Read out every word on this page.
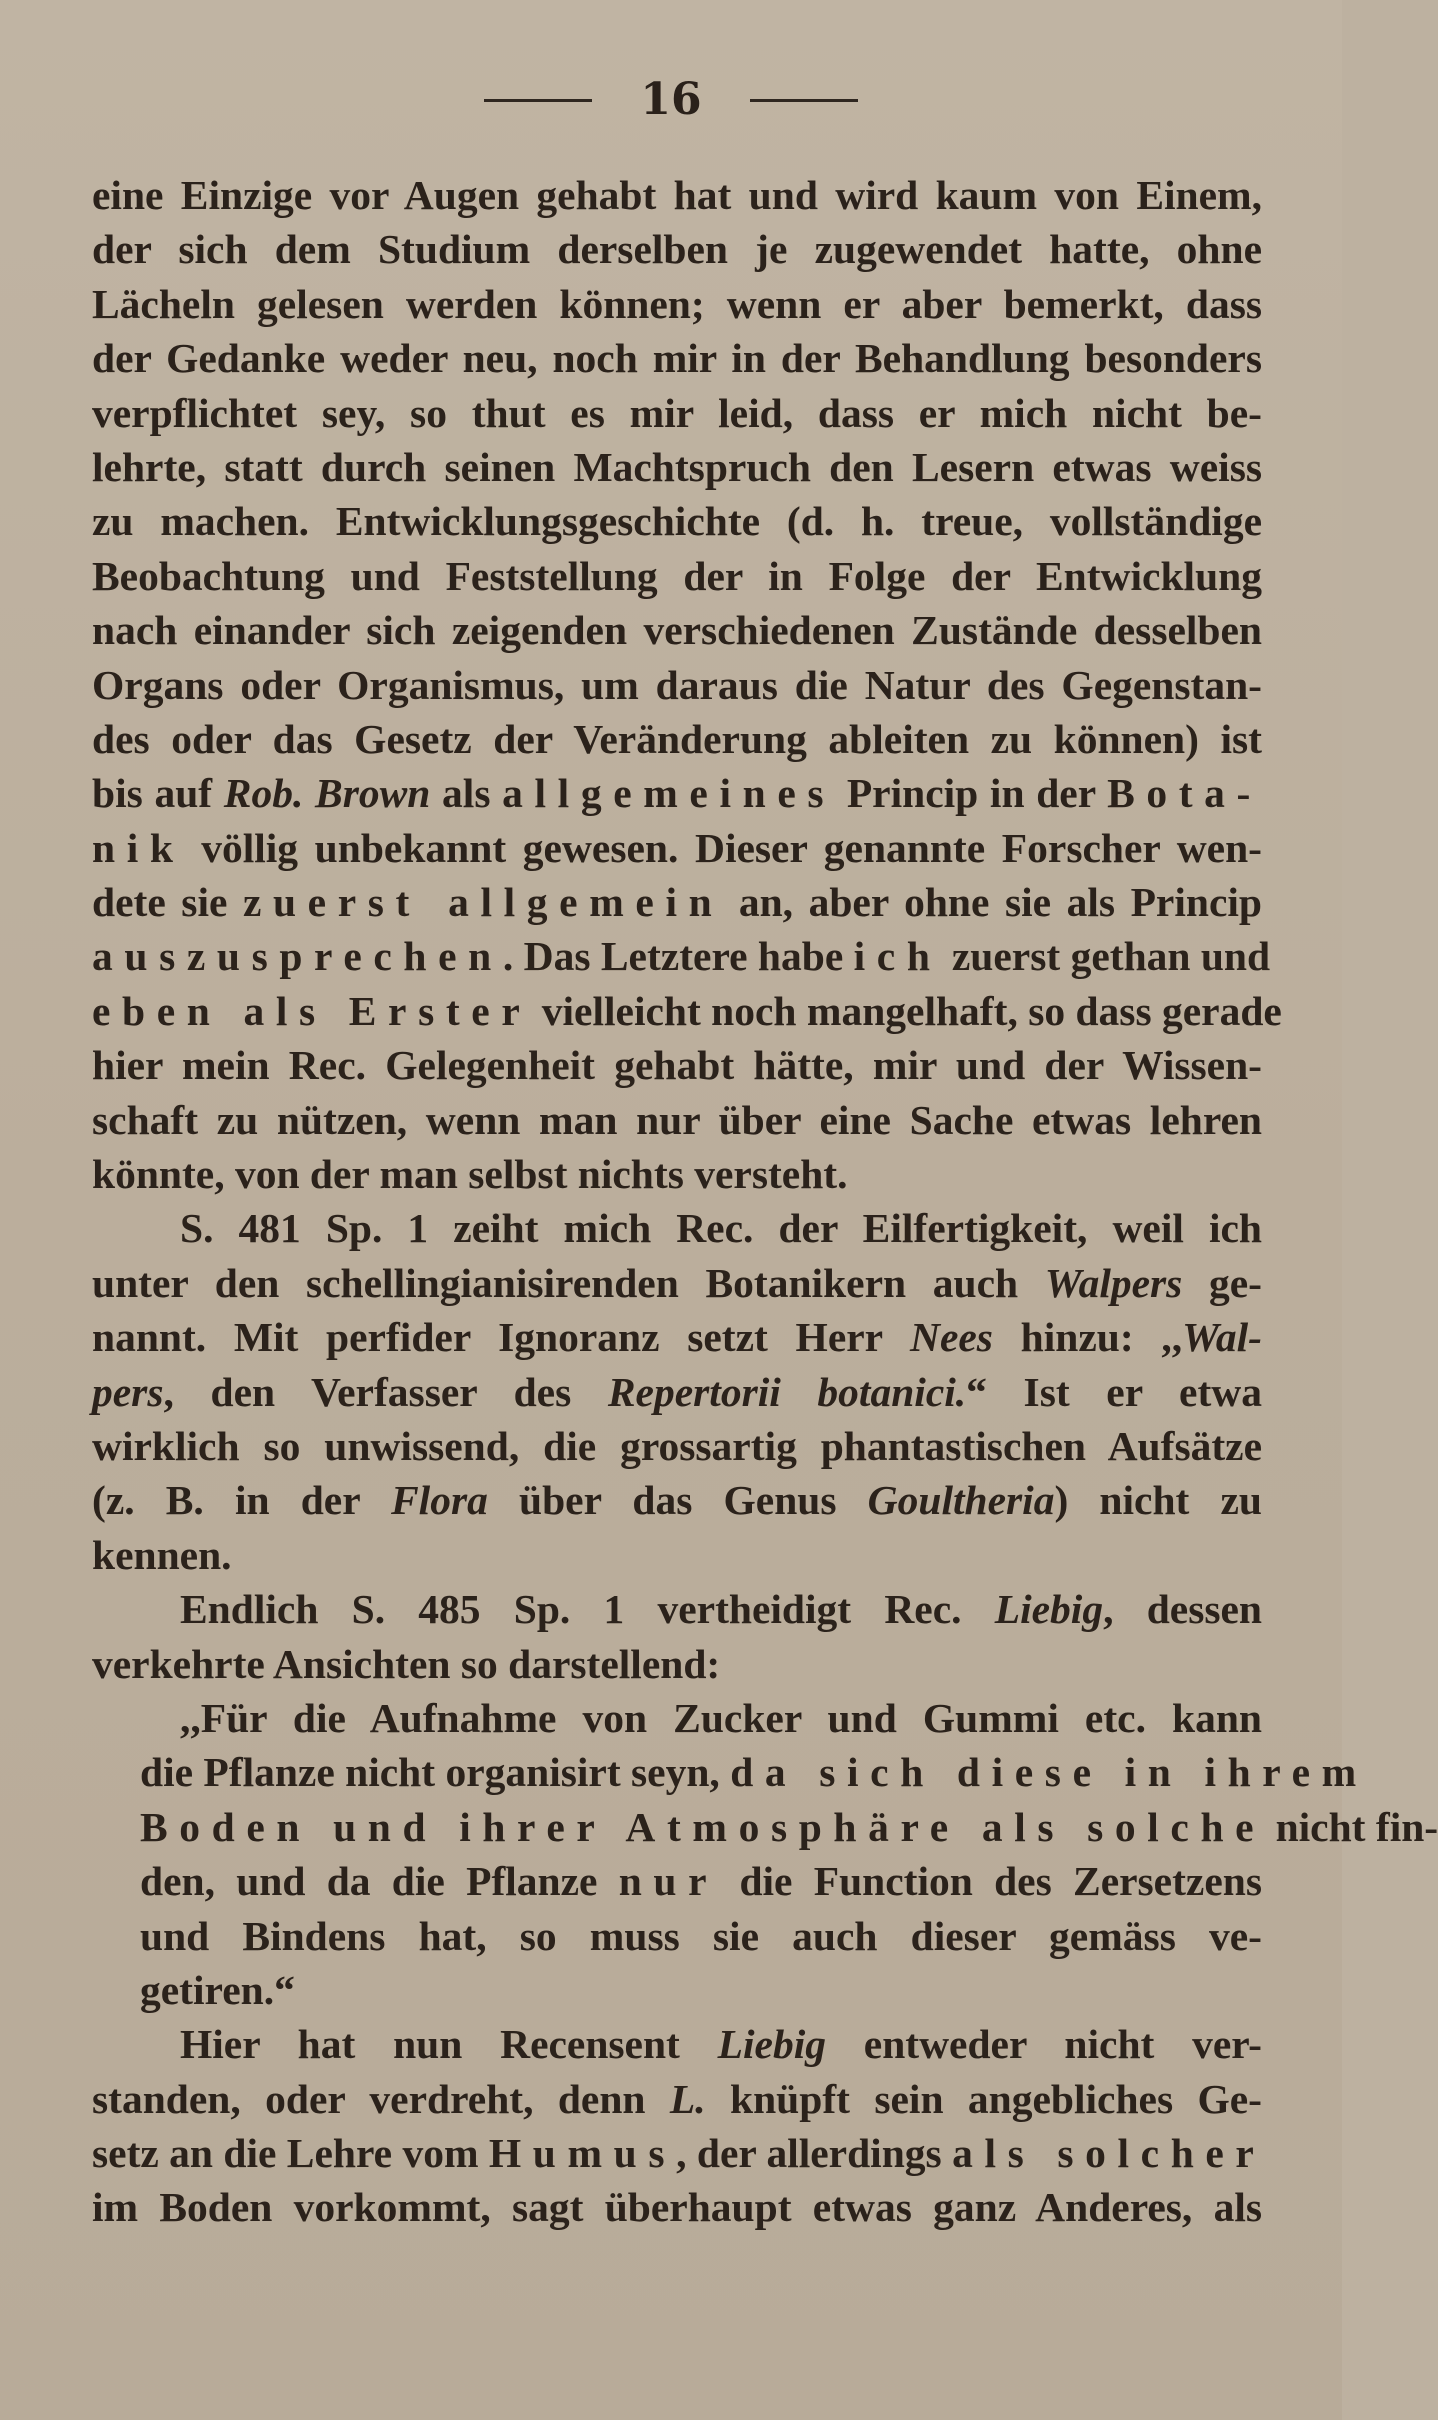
16
eine Einzige vor Augen gehabt hat und wird kaum von Einem,
der sich dem Studium derselben je zugewendet hatte, ohne
Lächeln gelesen werden können; wenn er aber bemerkt, dass
der Gedanke weder neu, noch mir in der Behandlung besonders
verpflichtet sey, so thut es mir leid, dass er mich nicht be-
lehrte, statt durch seinen Machtspruch den Lesern etwas weiss
zu machen. Entwicklungsgeschichte (d. h. treue, vollständige
Beobachtung und Feststellung der in Folge der Entwicklung
nach einander sich zeigenden verschiedenen Zustände desselben
Organs oder Organismus, um daraus die Natur des Gegenstan-
des oder das Gesetz der Veränderung ableiten zu können) ist
bis auf Rob. Brown als allgemeines Princip in der Bota-
nik völlig unbekannt gewesen. Dieser genannte Forscher wen-
dete sie zuerst allgemein an, aber ohne sie als Princip
auszusprechen. Das Letztere habe ich zuerst gethan und
eben als Erster vielleicht noch mangelhaft, so dass gerade
hier mein Rec. Gelegenheit gehabt hätte, mir und der Wissen-
schaft zu nützen, wenn man nur über eine Sache etwas lehren
könnte, von der man selbst nichts versteht.
S. 481 Sp. 1 zeiht mich Rec. der Eilfertigkeit, weil ich
unter den schellingianisirenden Botanikern auch Walpers ge-
nannt. Mit perfider Ignoranz setzt Herr Nees hinzu: ,,Wal-
pers, den Verfasser des Repertorii botanici.“ Ist er etwa
wirklich so unwissend, die grossartig phantastischen Aufsätze
(z. B. in der Flora über das Genus Goultheria) nicht zu
kennen.
Endlich S. 485 Sp. 1 vertheidigt Rec. Liebig, dessen
verkehrte Ansichten so darstellend:
,,Für die Aufnahme von Zucker und Gummi etc. kann
die Pflanze nicht organisirt seyn, da sich diese in ihrem
Boden und ihrer Atmosphäre als solche nicht fin-
den, und da die Pflanze nur die Function des Zersetzens
und Bindens hat, so muss sie auch dieser gemäss ve-
getiren.“
Hier hat nun Recensent Liebig entweder nicht ver-
standen, oder verdreht, denn L. knüpft sein angebliches Ge-
setz an die Lehre vom Humus, der allerdings als solcher
im Boden vorkommt, sagt überhaupt etwas ganz Anderes, als
